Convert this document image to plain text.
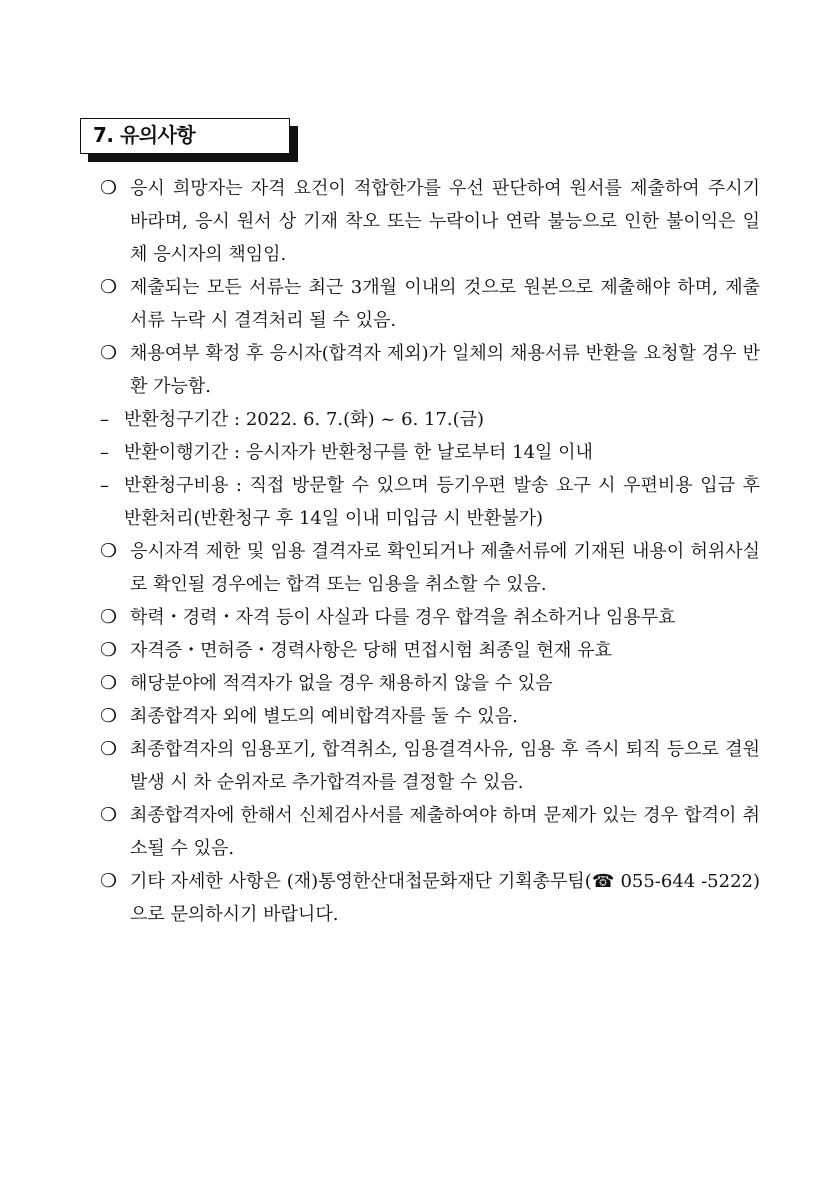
7. 유의사항
❍ 응시 희망자는 자격 요건이 적합한가를 우선 판단하여 원서를 제출하여 주시기 바라며, 응시 원서 상 기재 착오 또는 누락이나 연락 불능으로 인한 불이익은 일체 응시자의 책임임.
❍ 제출되는 모든 서류는 최근 3개월 이내의 것으로 원본으로 제출해야 하며, 제출서류 누락 시 결격처리 될 수 있음.
❍ 채용여부 확정 후 응시자(합격자 제외)가 일체의 채용서류 반환을 요청할 경우 반환 가능함.
– 반환청구기간 : 2022. 6. 7.(화) ~ 6. 17.(금)
– 반환이행기간 : 응시자가 반환청구를 한 날로부터 14일 이내
– 반환청구비용 : 직접 방문할 수 있으며 등기우편 발송 요구 시 우편비용 입금 후 반환처리(반환청구 후 14일 이내 미입금 시 반환불가)
❍ 응시자격 제한 및 임용 결격자로 확인되거나 제출서류에 기재된 내용이 허위사실로 확인될 경우에는 합격 또는 임용을 취소할 수 있음.
❍ 학력・경력・자격 등이 사실과 다를 경우 합격을 취소하거나 임용무효
❍ 자격증・면허증・경력사항은 당해 면접시험 최종일 현재 유효
❍ 해당분야에 적격자가 없을 경우 채용하지 않을 수 있음
❍ 최종합격자 외에 별도의 예비합격자를 둘 수 있음.
❍ 최종합격자의 임용포기, 합격취소, 임용결격사유, 임용 후 즉시 퇴직 등으로 결원 발생 시 차 순위자로 추가합격자를 결정할 수 있음.
❍ 최종합격자에 한해서 신체검사서를 제출하여야 하며 문제가 있는 경우 합격이 취소될 수 있음.
❍ 기타 자세한 사항은 (재)통영한산대첩문화재단 기획총무팀(☎ 055-644 -5222)으로 문의하시기 바랍니다.
